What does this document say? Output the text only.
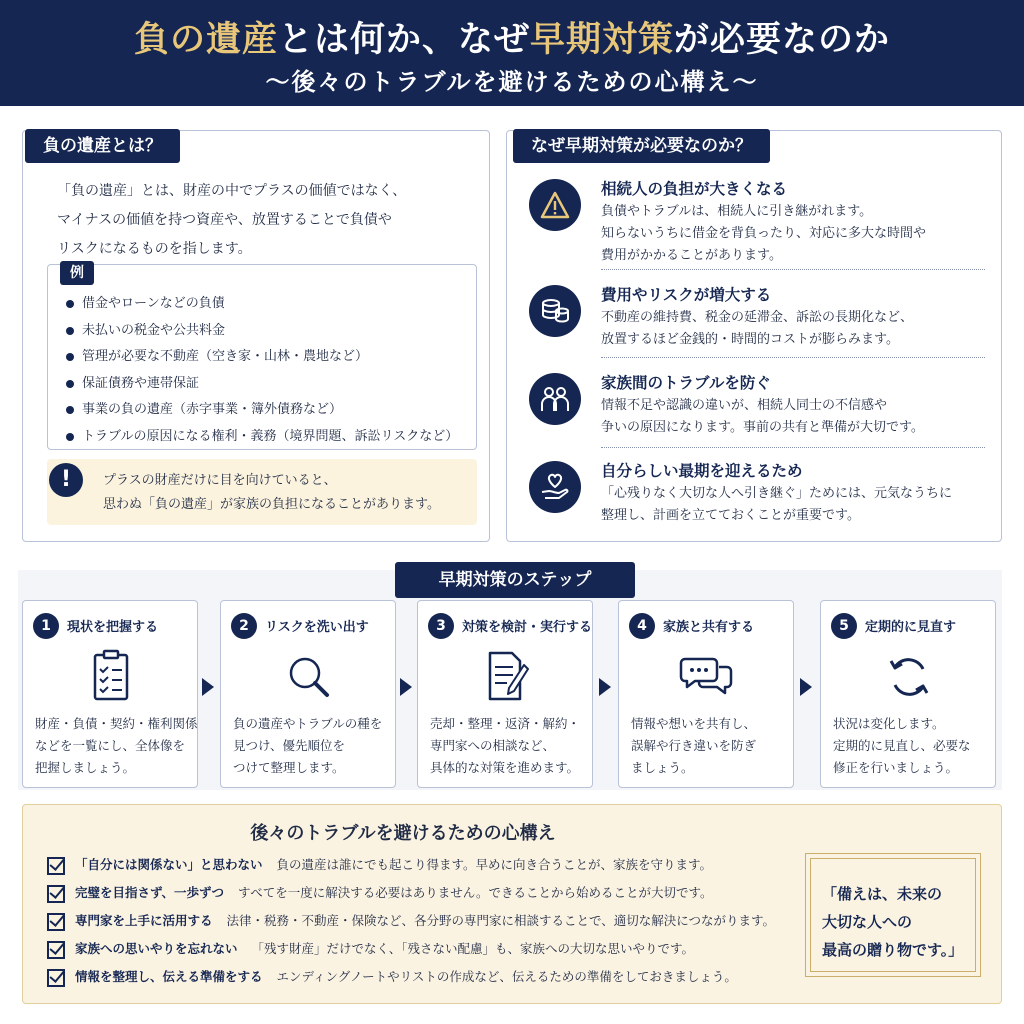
負の遺産とは何か、なぜ早期対策が必要なのか
〜後々のトラブルを避けるための心構え〜
負の遺産とは？
「負の遺産」とは、財産の中でプラスの価値ではなく、
マイナスの価値を持つ資産や、放置することで負債や
リスクになるものを指します。
例
借金やローンなどの負債
未払いの税金や公共料金
管理が必要な不動産（空き家・山林・農地など）
保証債務や連帯保証
事業の負の遺産（赤字事業・簿外債務など）
トラブルの原因になる権利・義務（境界問題、訴訟リスクなど）
!	プラスの財産だけに目を向けていると、
思わぬ「負の遺産」が家族の負担になることがあります。
なぜ早期対策が必要なのか？
相続人の負担が大きくなる
負債やトラブルは、相続人に引き継がれます。
知らないうちに借金を背負ったり、対応に多大な時間や
費用がかかることがあります。
費用やリスクが増大する
不動産の維持費、税金の延滞金、訴訟の長期化など、
放置するほど金銭的・時間的コストが膨らみます。
家族間のトラブルを防ぐ
情報不足や認識の違いが、相続人同士の不信感や
争いの原因になります。事前の共有と準備が大切です。
自分らしい最期を迎えるため
「心残りなく大切な人へ引き継ぐ」ためには、元気なうちに
整理し、計画を立てておくことが重要です。
早期対策のステップ
1	現状を把握する
財産・負債・契約・権利関係
などを一覧にし、全体像を
把握しましょう。
2	リスクを洗い出す
負の遺産やトラブルの種を
見つけ、優先順位を
つけて整理します。
3	対策を検討・実行する
売却・整理・返済・解約・
専門家への相談など、
具体的な対策を進めます。
4	家族と共有する
情報や想いを共有し、
誤解や行き違いを防ぎ
ましょう。
5	定期的に見直す
状況は変化します。
定期的に見直し、必要な
修正を行いましょう。
後々のトラブルを避けるための心構え
「自分には関係ない」と思わない 負の遺産は誰にでも起こり得ます。早めに向き合うことが、家族を守ります。
完璧を目指さず、一歩ずつ すべてを一度に解決する必要はありません。できることから始めることが大切です。
専門家を上手に活用する 法律・税務・不動産・保険など、各分野の専門家に相談することで、適切な解決につながります。
家族への思いやりを忘れない 「残す財産」だけでなく、「残さない配慮」も、家族への大切な思いやりです。
情報を整理し、伝える準備をする エンディングノートやリストの作成など、伝えるための準備をしておきましょう。
「備えは、未来の
大切な人への
最高の贈り物です。」
